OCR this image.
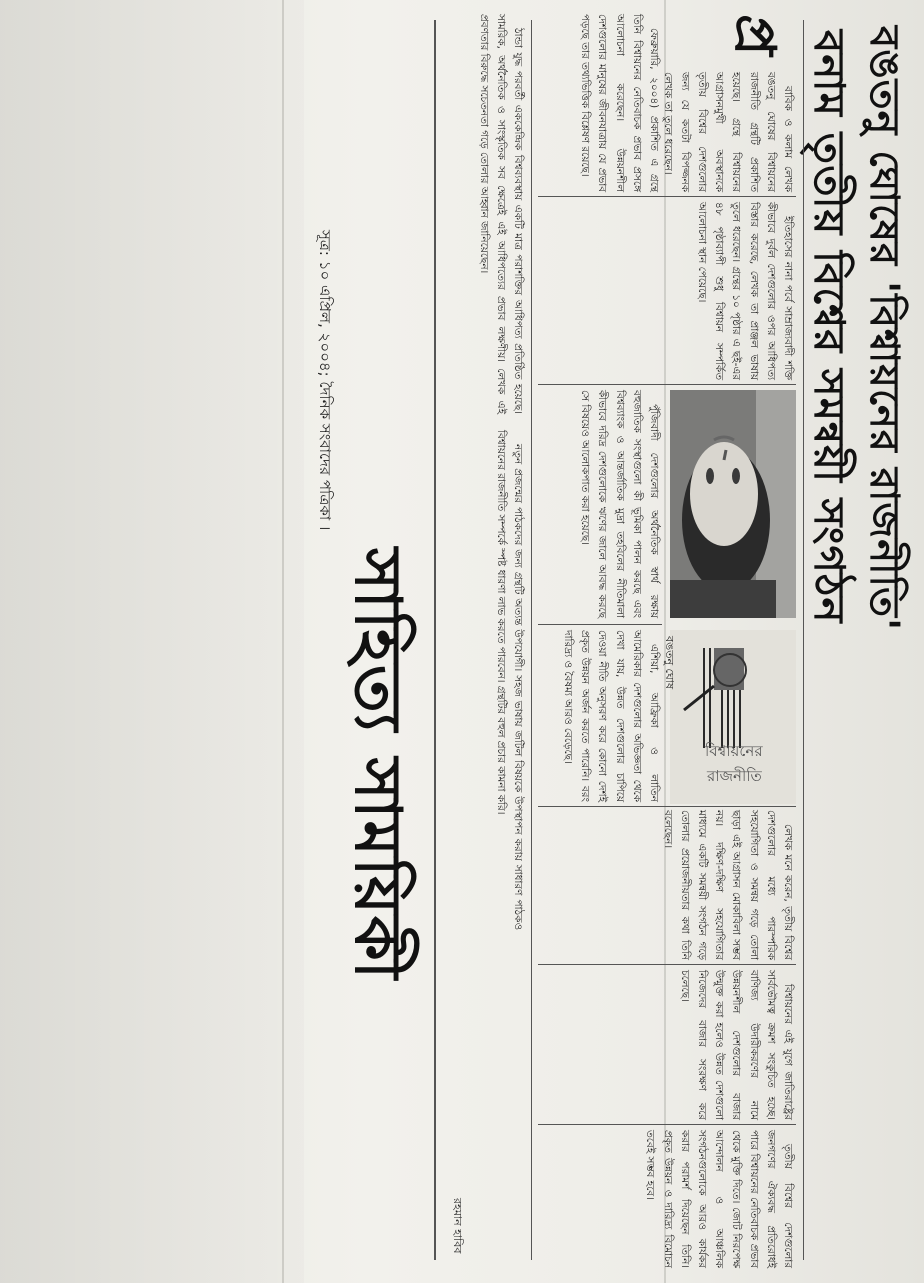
বঙতনু ঘোষের 'বিশ্বায়নের রাজনীতি'
বনাম তৃতীয় বিশ্বের সমন্বয়ী সংগঠন
প্র

বাবিক ও কলাম লেখক বঙতনু ঘোষের বিশ্বায়নের রাজনীতি গ্রন্থটি প্রকাশিত হয়েছে। গ্রন্থে বিশ্বায়নের আগ্রাসনমুখী অবস্থানকে তৃতীয় বিশ্বের দেশগুলোর জন্য যে কতটা বিপজ্জনক লেখক তা তুলে ধরেছেন।

ইতিহাসের নানা পর্বে সাম্রাজ্যবাদী শক্তি কীভাবে দুর্বল দেশগুলোর ওপর আধিপত্য বিস্তার করেছে, লেখক তা প্রাঞ্জল ভাষায় তুলে ধরেছেন। গ্রন্থের ১০ পৃষ্ঠার এ ছই-এর ৪৮ পৃষ্ঠাব্যাপী শুধু বিশ্বায়ন সম্পর্কিত আলোচনা স্থান পেয়েছে।

বিশ্বায়নের রাজনীতি
বঙতনু ঘোষ

লেখক মনে করেন, তৃতীয় বিশ্বের দেশগুলোর মধ্যে পারস্পরিক সহযোগিতা ও সমন্বয় গড়ে তোলা ছাড়া এই আগ্রাসন মোকাবিলা সম্ভব নয়। দক্ষিণ-দক্ষিণ সহযোগিতার মাধ্যমে একটি সমন্বয়ী সংগঠন গড়ে তোলার প্রয়োজনীয়তার কথা তিনি বলেছেন।

বিশ্বায়নের এই যুগে জাতিরাষ্ট্রের সার্বভৌমত্ব ক্রমশ সংকুচিত হচ্ছে। বাণিজ্য উদারীকরণের নামে উন্নয়নশীল দেশগুলোর বাজার উন্মুক্ত করা হলেও উন্নত দেশগুলো নিজেদের বাজার সংরক্ষণ করে চলেছে।

তৃতীয় বিশ্বের দেশগুলোর জনগণের ঐক্যবদ্ধ প্রতিরোধই পারে বিশ্বায়নের নেতিবাচক প্রভাব থেকে মুক্তি দিতে। জোট নিরপেক্ষ আন্দোলন ও আঞ্চলিক সংগঠনগুলোকে আরও কার্যকর করার পরামর্শ দিয়েছেন তিনি। প্রকৃত উন্নয়ন ও দারিদ্র্য বিমোচন তবেই সম্ভব হবে।

ফেব্রুয়ারি, ২০০৪) প্রকাশিত এ গ্রন্থে তিনি বিশ্বায়নের নেতিবাচক প্রভাব প্রসঙ্গে আলোচনা করেছেন। উন্নয়নশীল দেশগুলোর মানুষের জীবনযাত্রায় যে প্রভাব পড়ছে তার তথ্যভিত্তিক বিশ্লেষণ রয়েছে।

পুঁজিবাদী দেশগুলোর অর্থনৈতিক স্বার্থ রক্ষায় বহুজাতিক সংস্থাগুলো কী ভূমিকা পালন করছে এবং বিশ্বব্যাংক ও আন্তর্জাতিক মুদ্রা তহবিলের নীতিমালা কীভাবে দরিদ্র দেশগুলোকে ঋণের জালে আবদ্ধ করছে সে বিষয়েও আলোকপাত করা হয়েছে।

এশিয়া, আফ্রিকা ও লাতিন আমেরিকার দেশগুলোর অভিজ্ঞতা থেকে দেখা যায়, উন্নত দেশগুলোর চাপিয়ে দেওয়া নীতি অনুসরণ করে কোনো দেশই প্রকৃত উন্নয়ন অর্জন করতে পারেনি। বরং দারিদ্র্য ও বৈষম্য আরও বেড়েছে।

ঠান্ডা যুদ্ধ পরবর্তী এককেন্দ্রিক বিশ্বব্যবস্থায় একটি মাত্র পরাশক্তির আধিপত্য প্রতিষ্ঠিত হয়েছে। সামরিক, অর্থনৈতিক ও সাংস্কৃতিক সব ক্ষেত্রেই এই আধিপত্যের প্রভাব লক্ষণীয়। লেখক এই প্রবণতার বিরুদ্ধে সচেতনতা গড়ে তোলার আহ্বান জানিয়েছেন।

নতুন প্রজন্মের পাঠকদের জন্য গ্রন্থটি অত্যন্ত উপযোগী। সহজ ভাষায় জটিল বিষয়কে উপস্থাপন করায় সাধারণ পাঠকও বিশ্বায়নের রাজনীতি সম্পর্কে স্পষ্ট ধারণা লাভ করতে পারবেন। গ্রন্থটির বহুল প্রচার কামনা করি।

রহমান হাবিব
সাহিত্য সাময়িকী
সূত্র: ১০ এপ্রিল, ২০০৪; দৈনিক সংবাদের পত্রিকা ।
